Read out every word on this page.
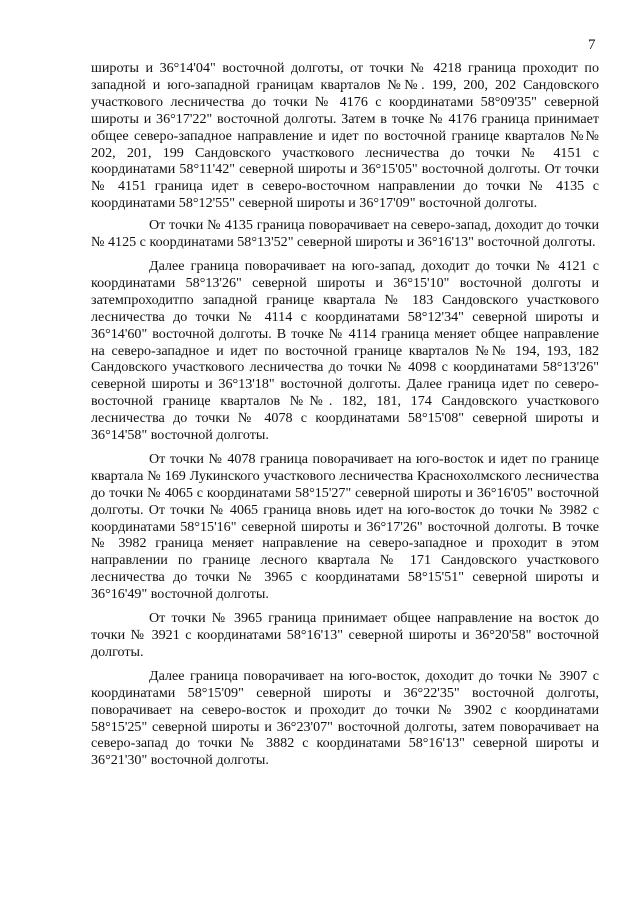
7

широты и 36°14'04" восточной долготы, от точки № 4218 граница проходит по западной и юго-западной границам кварталов №№. 199, 200, 202 Сандовского участкового лесничества до точки № 4176 с координатами 58°09'35" северной широты и 36°17'22" восточной долготы. Затем в точке № 4176 граница принимает общее северо-западное направление и идет по восточной границе кварталов №№ 202, 201, 199 Сандовского участкового лесничества до точки № 4151 с координатами 58°11'42" северной широты и 36°15'05" восточной долготы. От точки № 4151 граница идет в северо-восточном направлении до точки № 4135 с координатами 58°12'55" северной широты и 36°17'09" восточной долготы.

От точки № 4135 граница поворачивает на северо-запад, доходит до точки № 4125 с координатами 58°13'52" северной широты и 36°16'13" восточной долготы.

Далее граница поворачивает на юго-запад, доходит до точки № 4121 с координатами 58°13'26" северной широты и 36°15'10" восточной долготы и затемпроходитпо западной границе квартала № 183 Сандовского участкового лесничества до точки № 4114 с координатами 58°12'34" северной широты и 36°14'60" восточной долготы. В точке № 4114 граница меняет общее направление на северо-западное и идет по восточной границе кварталов №№ 194, 193, 182 Сандовского участкового лесничества до точки № 4098 с координатами 58°13'26" северной широты и 36°13'18" восточной долготы. Далее граница идет по северо-восточной границе кварталов №№. 182, 181, 174 Сандовского участкового лесничества до точки № 4078 с координатами 58°15'08" северной широты и 36°14'58" восточной долготы.

От точки № 4078 граница поворачивает на юго-восток и идет по границе квартала № 169 Лукинского участкового лесничества Краснохолмского лесничества до точки № 4065 с координатами 58°15'27" северной широты и 36°16'05" восточной долготы. От точки № 4065 граница вновь идет на юго-восток до точки № 3982 с координатами 58°15'16" северной широты и 36°17'26" восточной долготы. В точке № 3982 граница меняет направление на северо-западное и проходит в этом направлении по границе лесного квартала № 171 Сандовского участкового лесничества до точки № 3965 с координатами 58°15'51" северной широты и 36°16'49" восточной долготы.

От точки № 3965 граница принимает общее направление на восток до точки № 3921 с координатами 58°16'13" северной широты и 36°20'58" восточной долготы.

Далее граница поворачивает на юго-восток, доходит до точки № 3907 с координатами 58°15'09" северной широты и 36°22'35" восточной долготы, поворачивает на северо-восток и проходит до точки № 3902 с координатами 58°15'25" северной широты и 36°23'07" восточной долготы, затем поворачивает на северо-запад до точки № 3882 с координатами 58°16'13" северной широты и 36°21'30" восточной долготы.
